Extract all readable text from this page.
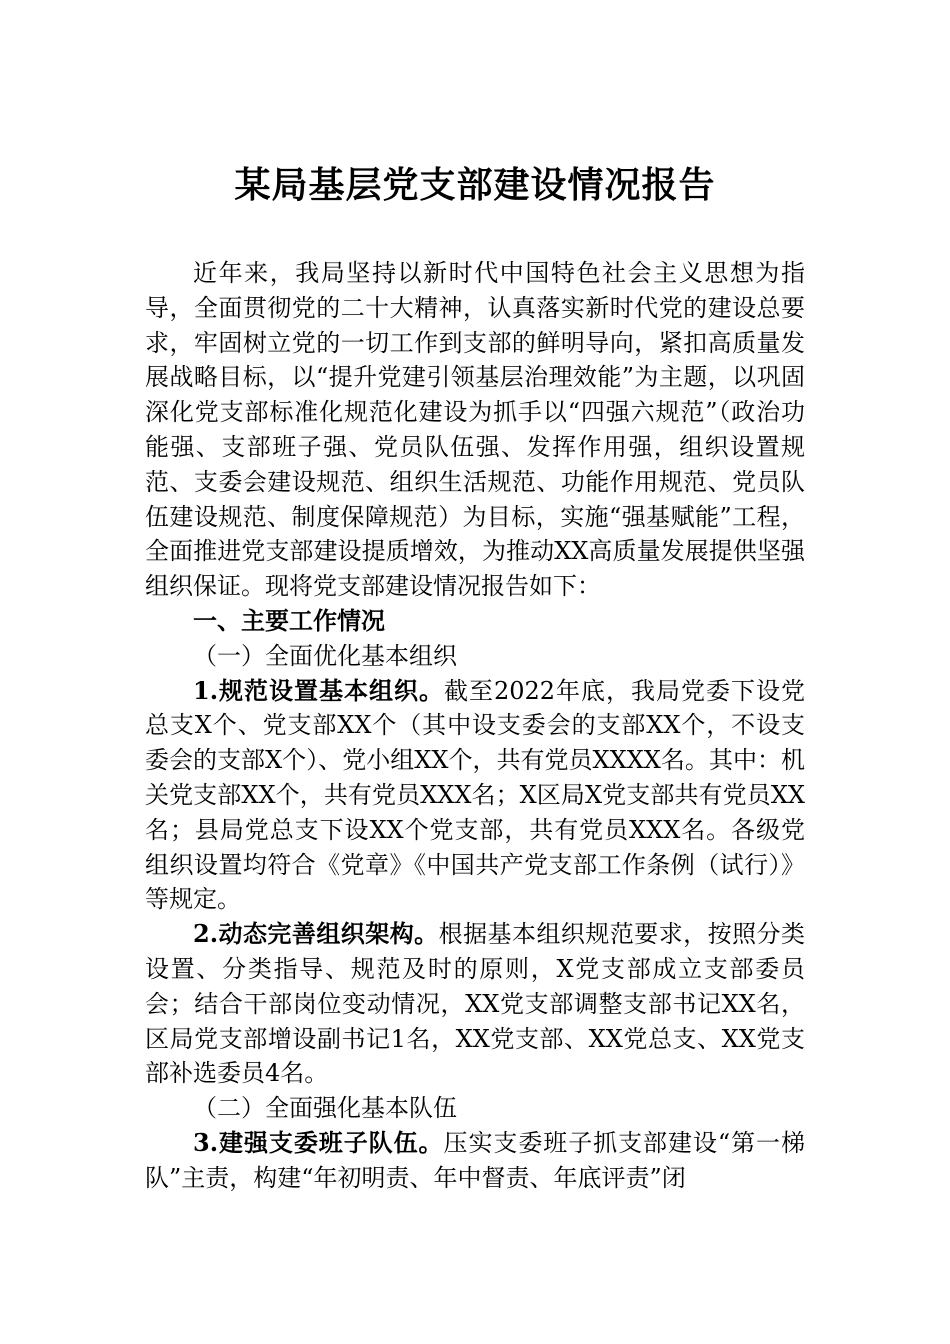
某局基层党支部建设情况报告

近年来，我局坚持以新时代中国特色社会主义思想为指导，全面贯彻党的二十大精神，认真落实新时代党的建设总要求，牢固树立党的一切工作到支部的鲜明导向，紧扣高质量发展战略目标，以“提升党建引领基层治理效能”为主题，以巩固深化党支部标准化规范化建设为抓手以“四强六规范”（政治功能强、支部班子强、党员队伍强、发挥作用强，组织设置规范、支委会建设规范、组织生活规范、功能作用规范、党员队伍建设规范、制度保障规范）为目标，实施“强基赋能”工程，全面推进党支部建设提质增效，为推动XX高质量发展提供坚强组织保证。现将党支部建设情况报告如下：

一、主要工作情况

（一）全面优化基本组织

1.规范设置基本组织。截至2022年底，我局党委下设党总支X个、党支部XX个（其中设支委会的支部XX个，不设支委会的支部X个）、党小组XX个，共有党员XXXX名。其中：机关党支部XX个，共有党员XXX名；X区局X党支部共有党员XX名；县局党总支下设XX个党支部，共有党员XXX名。各级党组织设置均符合《党章》《中国共产党支部工作条例（试行）》等规定。

2.动态完善组织架构。根据基本组织规范要求，按照分类设置、分类指导、规范及时的原则，X党支部成立支部委员会；结合干部岗位变动情况，XX党支部调整支部书记XX名，区局党支部增设副书记1名，XX党支部、XX党总支、XX党支部补选委员4名。

（二）全面强化基本队伍

3.建强支委班子队伍。压实支委班子抓支部建设“第一梯队”主责，构建“年初明责、年中督责、年底评责”闭
